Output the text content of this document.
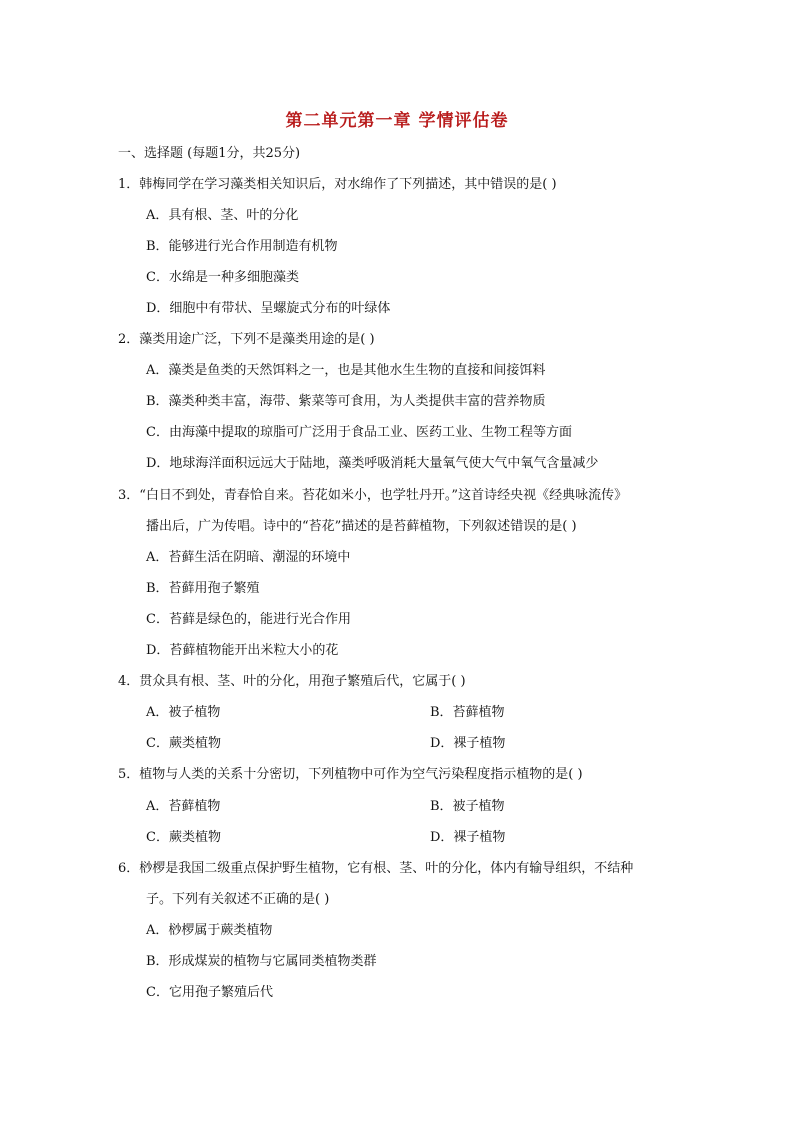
第二单元第一章 学情评估卷
一、选择题 (每题1分，共25分)
1．韩梅同学在学习藻类相关知识后，对水绵作了下列描述，其中错误的是( )
A．具有根、茎、叶的分化
B．能够进行光合作用制造有机物
C．水绵是一种多细胞藻类
D．细胞中有带状、呈螺旋式分布的叶绿体
2．藻类用途广泛，下列不是藻类用途的是( )
A．藻类是鱼类的天然饵料之一，也是其他水生生物的直接和间接饵料
B．藻类种类丰富，海带、紫菜等可食用，为人类提供丰富的营养物质
C．由海藻中提取的琼脂可广泛用于食品工业、医药工业、生物工程等方面
D．地球海洋面积远远大于陆地，藻类呼吸消耗大量氧气使大气中氧气含量减少
3．“白日不到处，青春恰自来。苔花如米小，也学牡丹开。”这首诗经央视《经典咏流传》
播出后，广为传唱。诗中的“苔花”描述的是苔藓植物，下列叙述错误的是( )
A．苔藓生活在阴暗、潮湿的环境中
B．苔藓用孢子繁殖
C．苔藓是绿色的，能进行光合作用
D．苔藓植物能开出米粒大小的花
4．贯众具有根、茎、叶的分化，用孢子繁殖后代，它属于( )
A．被子植物	B．苔藓植物
C．蕨类植物	D．裸子植物
5．植物与人类的关系十分密切，下列植物中可作为空气污染程度指示植物的是( )
A．苔藓植物	B．被子植物
C．蕨类植物	D．裸子植物
6．桫椤是我国二级重点保护野生植物，它有根、茎、叶的分化，体内有输导组织，不结种
子。下列有关叙述不正确的是( )
A．桫椤属于蕨类植物
B．形成煤炭的植物与它属同类植物类群
C．它用孢子繁殖后代
